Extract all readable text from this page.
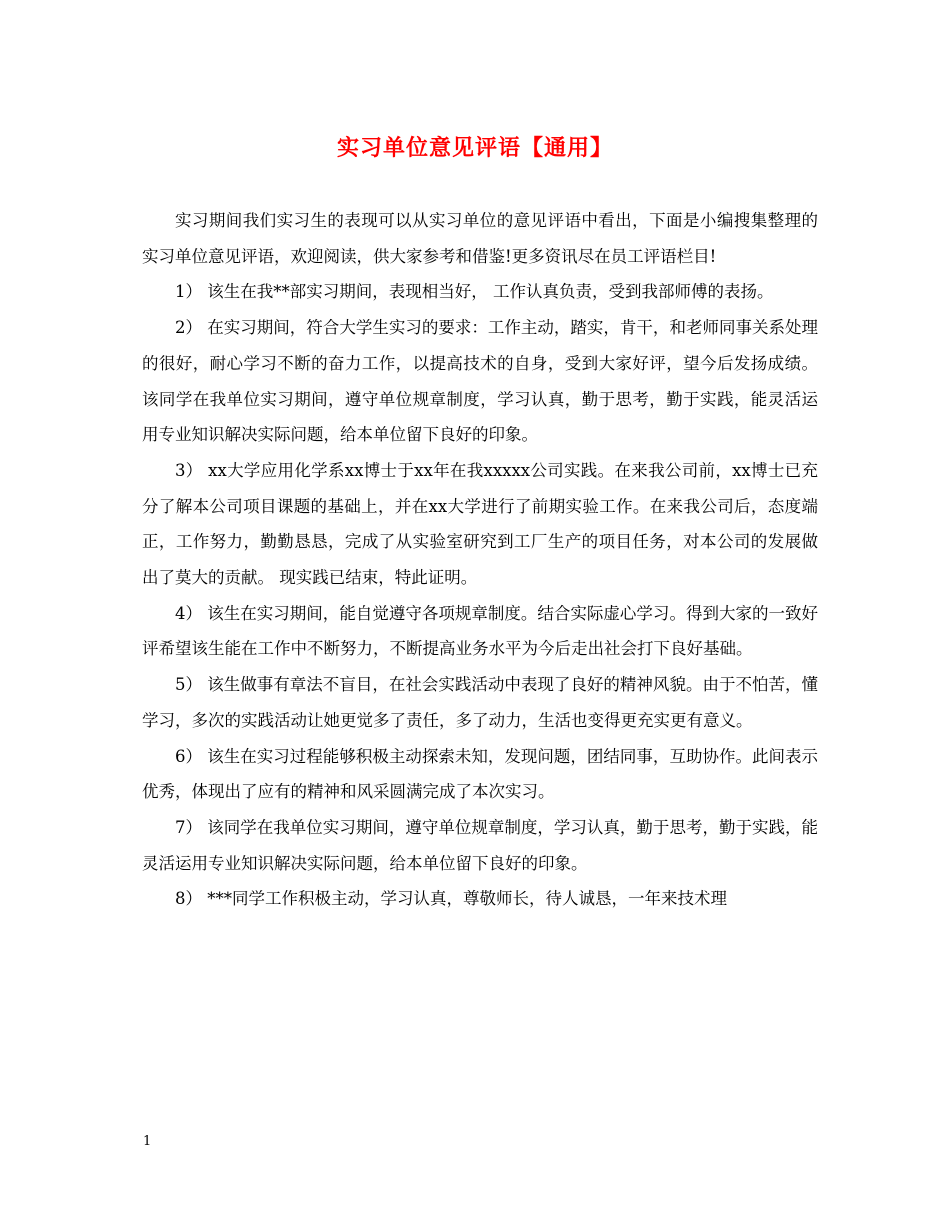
实习单位意见评语【通用】

实习期间我们实习生的表现可以从实习单位的意见评语中看出，下面是小编搜集整理的实习单位意见评语，欢迎阅读，供大家参考和借鉴!更多资讯尽在员工评语栏目!

1） 该生在我**部实习期间，表现相当好， 工作认真负责，受到我部师傅的表扬。

2） 在实习期间，符合大学生实习的要求：工作主动，踏实，肯干，和老师同事关系处理的很好，耐心学习不断的奋力工作，以提高技术的自身，受到大家好评，望今后发扬成绩。该同学在我单位实习期间，遵守单位规章制度，学习认真，勤于思考，勤于实践，能灵活运用专业知识解决实际问题，给本单位留下良好的印象。

3） xx大学应用化学系xx博士于xx年在我xxxxx公司实践。在来我公司前，xx博士已充分了解本公司项目课题的基础上，并在xx大学进行了前期实验工作。在来我公司后，态度端正，工作努力，勤勤恳恳，完成了从实验室研究到工厂生产的项目任务，对本公司的发展做出了莫大的贡献。 现实践已结束，特此证明。

4） 该生在实习期间，能自觉遵守各项规章制度。结合实际虚心学习。得到大家的一致好评希望该生能在工作中不断努力，不断提高业务水平为今后走出社会打下良好基础。

5） 该生做事有章法不盲目，在社会实践活动中表现了良好的精神风貌。由于不怕苦，懂学习，多次的实践活动让她更觉多了责任，多了动力，生活也变得更充实更有意义。

6） 该生在实习过程能够积极主动探索未知，发现问题，团结同事，互助协作。此间表示优秀，体现出了应有的精神和风采圆满完成了本次实习。

7） 该同学在我单位实习期间，遵守单位规章制度，学习认真，勤于思考，勤于实践，能灵活运用专业知识解决实际问题，给本单位留下良好的印象。

8） ***同学工作积极主动，学习认真，尊敬师长，待人诚恳，一年来技术理

1
